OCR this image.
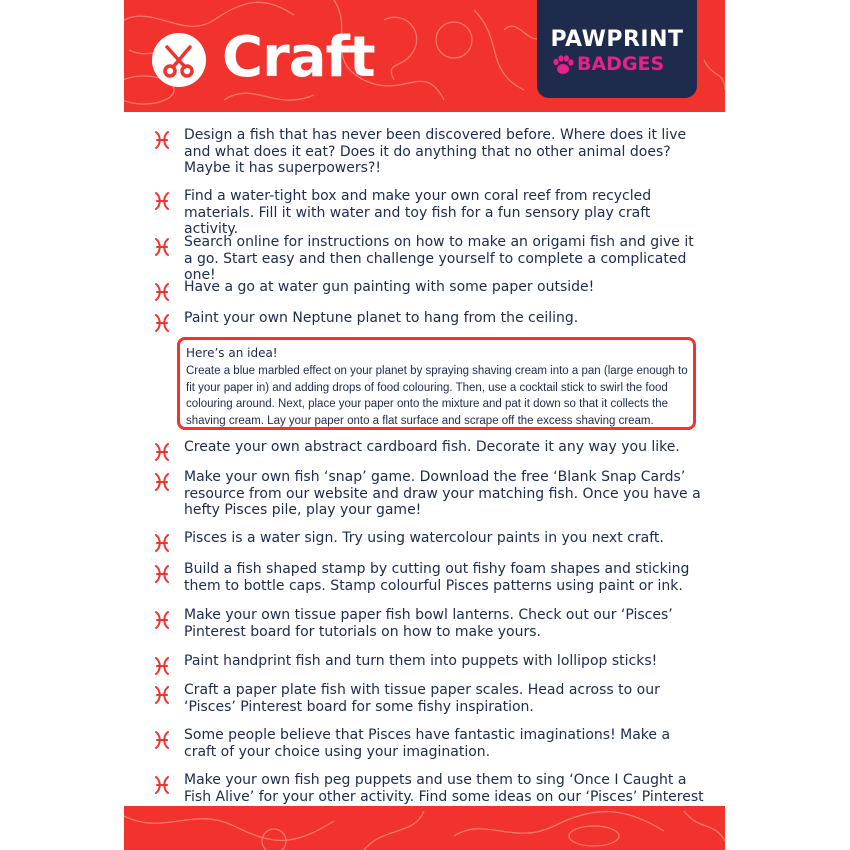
Craft	PAWPRINT
BADGES
Design a fish that has never been discovered before. Where does it live and what does it eat? Does it do anything that no other animal does? Maybe it has superpowers?!
Find a water-tight box and make your own coral reef from recycled materials. Fill it with water and toy fish for a fun sensory play craft activity.
Search online for instructions on how to make an origami fish and give it a go. Start easy and then challenge yourself to complete a complicated one!
Have a go at water gun painting with some paper outside!
Paint your own Neptune planet to hang from the ceiling.
Create your own abstract cardboard fish. Decorate it any way you like.
Make your own fish ‘snap’ game. Download the free ‘Blank Snap Cards’ resource from our website and draw your matching fish. Once you have a hefty Pisces pile, play your game!
Pisces is a water sign. Try using watercolour paints in you next craft.
Build a fish shaped stamp by cutting out fishy foam shapes and sticking them to bottle caps. Stamp colourful Pisces patterns using paint or ink.
Make your own tissue paper fish bowl lanterns. Check out our ‘Pisces’ Pinterest board for tutorials on how to make yours.
Paint handprint fish and turn them into puppets with lollipop sticks!
Craft a paper plate fish with tissue paper scales. Head across to our ‘Pisces’ Pinterest board for some fishy inspiration.
Some people believe that Pisces have fantastic imaginations! Make a craft of your choice using your imagination.
Make your own fish peg puppets and use them to sing ‘Once I Caught a Fish Alive’ for your other activity. Find some ideas on our ‘Pisces’ Pinterest
Here’s an idea!
Create a blue marbled effect on your planet by spraying shaving cream into a pan (large enough to fit your paper in) and adding drops of food colouring. Then, use a cocktail stick to swirl the food colouring around. Next, place your paper onto the mixture and pat it down so that it collects the shaving cream. Lay your paper onto a flat surface and scrape off the excess shaving cream.
